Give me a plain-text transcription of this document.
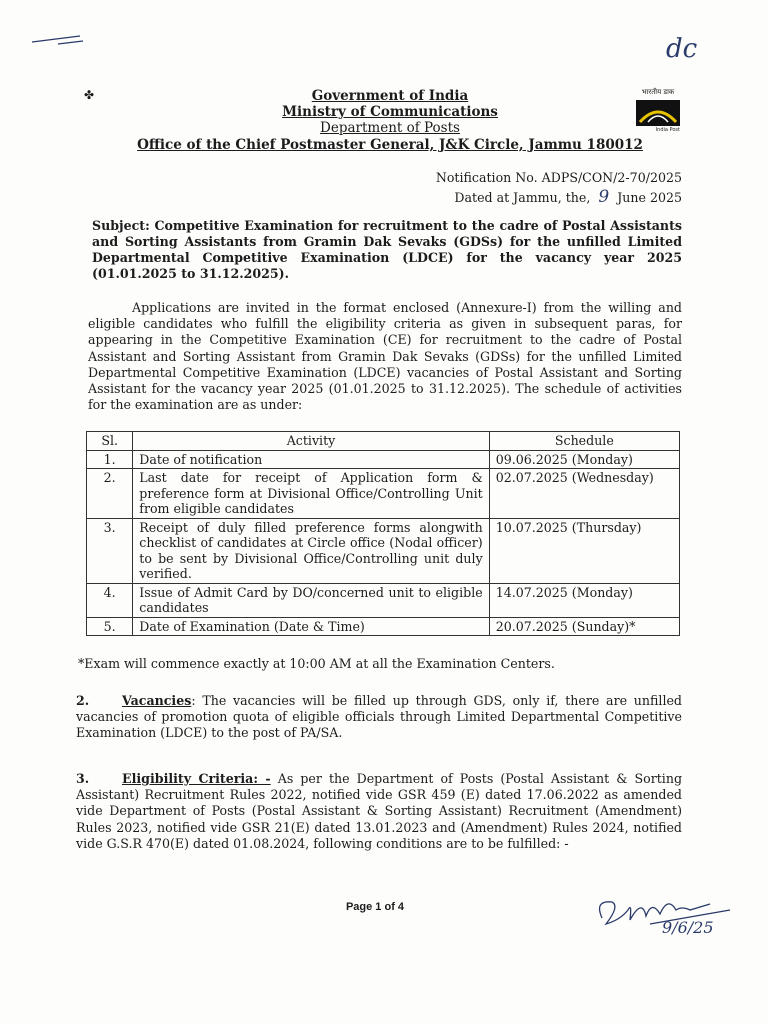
dc
✤	Government of India
Ministry of Communications
Department of Posts
Office of the Chief Postmaster General, J&K Circle, Jammu 180012
भारतीय डाक
India Post
Notification No. ADPS/CON/2-70/2025
Dated at Jammu, the, 9 June 2025

Subject: Competitive Examination for recruitment to the cadre of Postal Assistants and Sorting Assistants from Gramin Dak Sevaks (GDSs) for the unfilled Limited Departmental Competitive Examination (LDCE) for the vacancy year 2025 (01.01.2025 to 31.12.2025).

Applications are invited in the format enclosed (Annexure-I) from the willing and eligible candidates who fulfill the eligibility criteria as given in subsequent paras, for appearing in the Competitive Examination (CE) for recruitment to the cadre of Postal Assistant and Sorting Assistant from Gramin Dak Sevaks (GDSs) for the unfilled Limited Departmental Competitive Examination (LDCE) vacancies of Postal Assistant and Sorting Assistant for the vacancy year 2025 (01.01.2025 to 31.12.2025). The schedule of activities for the examination are as under:

Sl.	Activity	Schedule
1.	Date of notification	09.06.2025 (Monday)
2.	Last date for receipt of Application form & preference form at Divisional Office/Controlling Unit from eligible candidates	02.07.2025 (Wednesday)
3.	Receipt of duly filled preference forms alongwith checklist of candidates at Circle office (Nodal officer) to be sent by Divisional Office/Controlling unit duly verified.	10.07.2025 (Thursday)
4.	Issue of Admit Card by DO/concerned unit to eligible candidates	14.07.2025 (Monday)
5.	Date of Examination (Date & Time)	20.07.2025 (Sunday)*

*Exam will commence exactly at 10:00 AM at all the Examination Centers.

2.	Vacancies: The vacancies will be filled up through GDS, only if, there are unfilled vacancies of promotion quota of eligible officials through Limited Departmental Competitive Examination (LDCE) to the post of PA/SA.

3.	Eligibility Criteria: - As per the Department of Posts (Postal Assistant & Sorting Assistant) Recruitment Rules 2022, notified vide GSR 459 (E) dated 17.06.2022 as amended vide Department of Posts (Postal Assistant & Sorting Assistant) Recruitment (Amendment) Rules 2023, notified vide GSR 21(E) dated 13.01.2023 and (Amendment) Rules 2024, notified vide G.S.R 470(E) dated 01.08.2024, following conditions are to be fulfilled: -

Page 1 of 4
9/6/25
